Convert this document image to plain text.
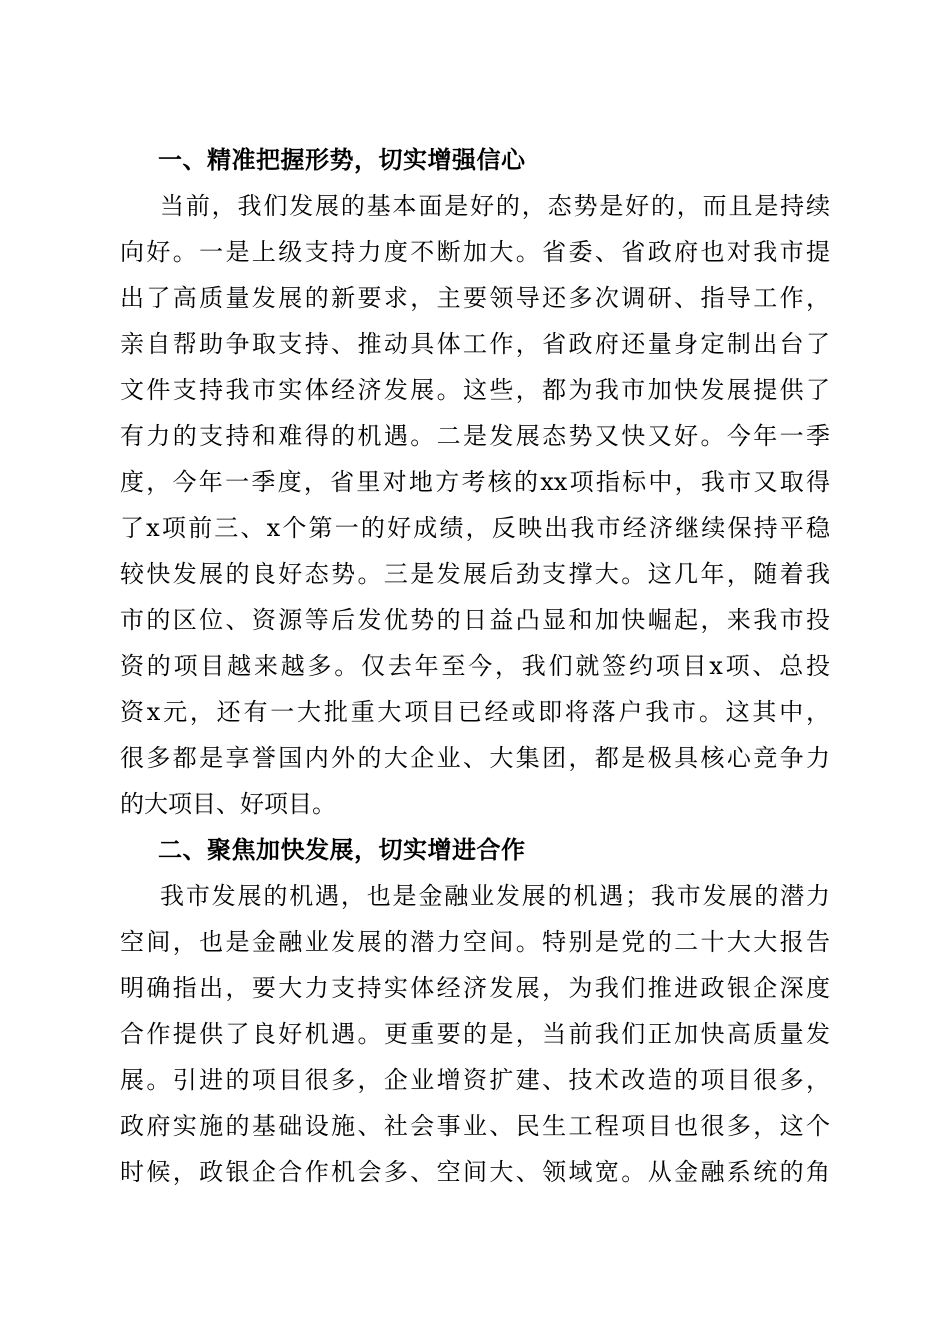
一、精准把握形势，切实增强信心
当前，我们发展的基本面是好的，态势是好的，而且是持续
向好。一是上级支持力度不断加大。省委、省政府也对我市提
出了高质量发展的新要求，主要领导还多次调研、指导工作，
亲自帮助争取支持、推动具体工作，省政府还量身定制出台了
文件支持我市实体经济发展。这些，都为我市加快发展提供了
有力的支持和难得的机遇。二是发展态势又快又好。今年一季
度，今年一季度，省里对地方考核的xx项指标中，我市又取得
了x项前三、x个第一的好成绩，反映出我市经济继续保持平稳
较快发展的良好态势。三是发展后劲支撑大。这几年，随着我
市的区位、资源等后发优势的日益凸显和加快崛起，来我市投
资的项目越来越多。仅去年至今，我们就签约项目x项、总投
资x元，还有一大批重大项目已经或即将落户我市。这其中，
很多都是享誉国内外的大企业、大集团，都是极具核心竞争力
的大项目、好项目。
二、聚焦加快发展，切实增进合作
我市发展的机遇，也是金融业发展的机遇；我市发展的潜力
空间，也是金融业发展的潜力空间。特别是党的二十大大报告
明确指出，要大力支持实体经济发展，为我们推进政银企深度
合作提供了良好机遇。更重要的是，当前我们正加快高质量发
展。引进的项目很多，企业增资扩建、技术改造的项目很多，
政府实施的基础设施、社会事业、民生工程项目也很多，这个
时候，政银企合作机会多、空间大、领域宽。从金融系统的角
